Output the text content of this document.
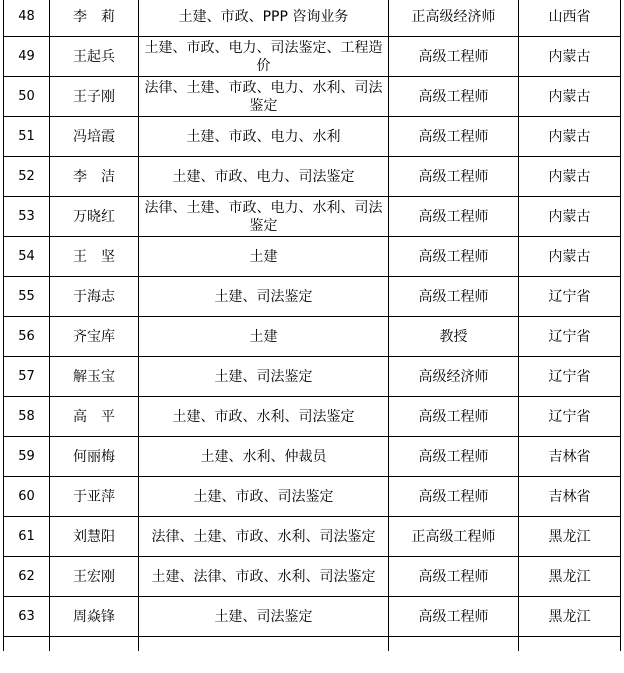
48	李　莉	土建、市政、PPP 咨询业务	正高级经济师	山西省
49	王起兵	土建、市政、电力、司法鉴定、工程造价	高级工程师	内蒙古
50	王子刚	法律、土建、市政、电力、水利、司法鉴定	高级工程师	内蒙古
51	冯培霞	土建、市政、电力、水利	高级工程师	内蒙古
52	李　洁	土建、市政、电力、司法鉴定	高级工程师	内蒙古
53	万晓红	法律、土建、市政、电力、水利、司法鉴定	高级工程师	内蒙古
54	王　坚	土建	高级工程师	内蒙古
55	于海志	土建、司法鉴定	高级工程师	辽宁省
56	齐宝库	土建	教授	辽宁省
57	解玉宝	土建、司法鉴定	高级经济师	辽宁省
58	高　平	土建、市政、水利、司法鉴定	高级工程师	辽宁省
59	何丽梅	土建、水利、仲裁员	高级工程师	吉林省
60	于亚萍	土建、市政、司法鉴定	高级工程师	吉林省
61	刘慧阳	法律、土建、市政、水利、司法鉴定	正高级工程师	黑龙江
62	王宏刚	土建、法律、市政、水利、司法鉴定	高级工程师	黑龙江
63	周焱锋	土建、司法鉴定	高级工程师	黑龙江
